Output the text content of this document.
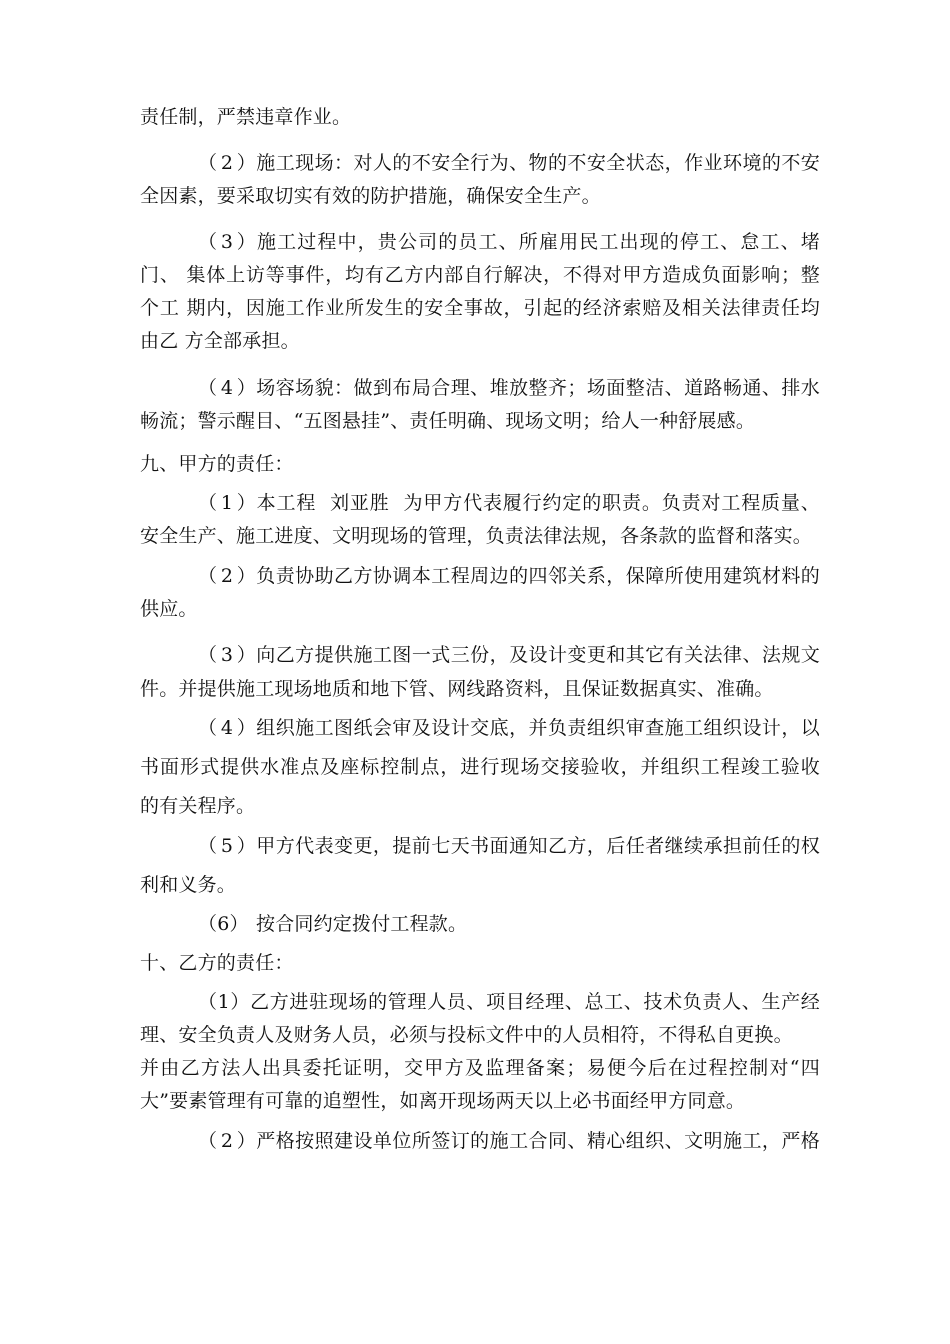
责任制，严禁违章作业。
（2）施工现场：对人的不安全行为、物的不安全状态，作业环境的不安
全因素，要采取切实有效的防护措施，确保安全生产。
（3）施工过程中，贵公司的员工、所雇用民工出现的停工、怠工、堵
门、 集体上访等事件，均有乙方内部自行解决，不得对甲方造成负面影响；整
个工 期内，因施工作业所发生的安全事故，引起的经济索赔及相关法律责任均
由乙 方全部承担。
（4）场容场貌：做到布局合理、堆放整齐；场面整洁、道路畅通、排水
畅流；警示醒目、“五图悬挂”、责任明确、现场文明；给人一种舒展感。
九、甲方的责任：
（1）本工程  刘亚胜  为甲方代表履行约定的职责。负责对工程质量、
安全生产、施工进度、文明现场的管理，负责法律法规，各条款的监督和落实。
（2）负责协助乙方协调本工程周边的四邻关系，保障所使用建筑材料的
供应。
（3）向乙方提供施工图一式三份，及设计变更和其它有关法律、法规文
件。并提供施工现场地质和地下管、网线路资料，且保证数据真实、准确。
（4）组织施工图纸会审及设计交底，并负责组织审查施工组织设计，以
书面形式提供水准点及座标控制点，进行现场交接验收，并组织工程竣工验收
的有关程序。
（5）甲方代表变更，提前七天书面通知乙方，后任者继续承担前任的权
利和义务。
（6） 按合同约定拨付工程款。
十、乙方的责任：
（1）乙方进驻现场的管理人员、项目经理、总工、技术负责人、生产经
理、安全负责人及财务人员，必须与投标文件中的人员相符，不得私自更换。
并由乙方法人出具委托证明，交甲方及监理备案；易便今后在过程控制对“四
大”要素管理有可靠的追塑性，如离开现场两天以上必书面经甲方同意。
（2）严格按照建设单位所签订的施工合同、精心组织、文明施工，严格
